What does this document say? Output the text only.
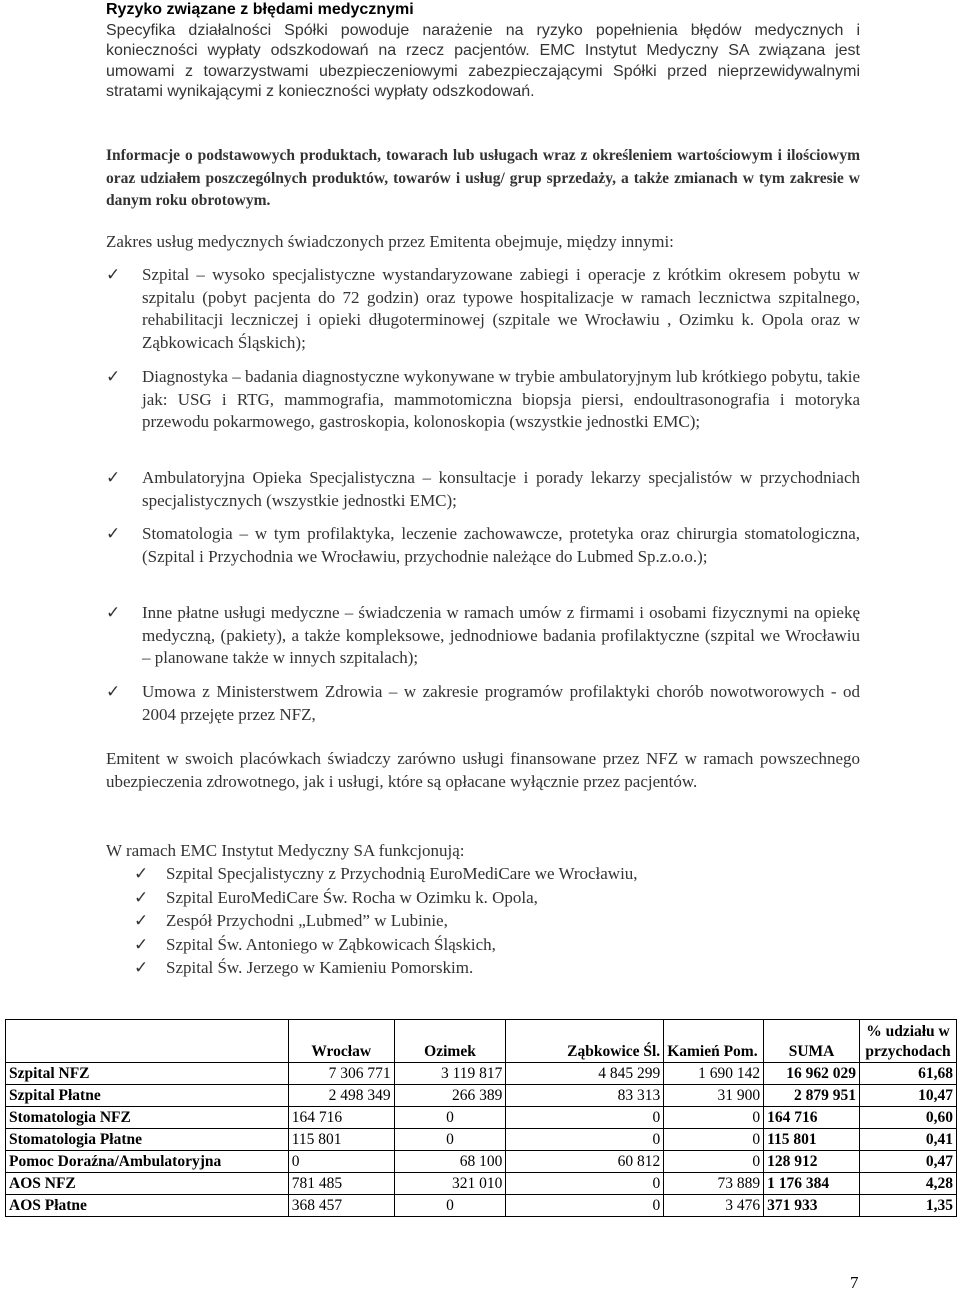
Ryzyko związane z błędami medycznymi
Specyfika działalności Spółki powoduje narażenie na ryzyko popełnienia błędów medycznych i konieczności wypłaty odszkodowań na rzecz pacjentów. EMC Instytut Medyczny SA związana jest umowami z towarzystwami ubezpieczeniowymi zabezpieczającymi Spółki przed nieprzewidywalnymi stratami wynikającymi z konieczności wypłaty odszkodowań.
Informacje o podstawowych produktach, towarach lub usługach wraz z określeniem wartościowym i ilościowym oraz udziałem poszczególnych produktów, towarów i usług/ grup sprzedaży, a także zmianach w tym zakresie w danym roku obrotowym.
Zakres usług medycznych świadczonych przez Emitenta obejmuje, między innymi:
✓	Szpital – wysoko specjalistyczne wystandaryzowane zabiegi i operacje z krótkim okresem pobytu w szpitalu (pobyt pacjenta do 72 godzin) oraz typowe hospitalizacje w ramach lecznictwa szpitalnego, rehabilitacji leczniczej i opieki długoterminowej (szpitale we Wrocławiu , Ozimku k. Opola oraz w Ząbkowicach Śląskich);
✓	Diagnostyka – badania diagnostyczne wykonywane w trybie ambulatoryjnym lub krótkiego pobytu, takie jak: USG i RTG, mammografia, mammotomiczna biopsja piersi, endoultrasonografia i motoryka przewodu pokarmowego, gastroskopia, kolonoskopia (wszystkie jednostki EMC);
✓	Ambulatoryjna Opieka Specjalistyczna – konsultacje i porady lekarzy specjalistów w przychodniach specjalistycznych (wszystkie jednostki EMC);
✓	Stomatologia – w tym profilaktyka, leczenie zachowawcze, protetyka oraz chirurgia stomatologiczna, (Szpital i Przychodnia we Wrocławiu, przychodnie należące do Lubmed Sp.z.o.o.);
✓	Inne płatne usługi medyczne – świadczenia w ramach umów z firmami i osobami fizycznymi na opiekę medyczną, (pakiety), a także kompleksowe, jednodniowe badania profilaktyczne (szpital we Wrocławiu – planowane także w innych szpitalach);
✓	Umowa z Ministerstwem Zdrowia – w zakresie programów profilaktyki chorób nowotworowych - od 2004 przejęte przez NFZ,
Emitent w swoich placówkach świadczy zarówno usługi finansowane przez NFZ w ramach powszechnego ubezpieczenia zdrowotnego, jak i usługi, które są opłacane wyłącznie przez pacjentów.
W ramach EMC Instytut Medyczny SA funkcjonują:
✓ Szpital Specjalistyczny z Przychodnią EuroMediCare we Wrocławiu,
✓ Szpital EuroMediCare Św. Rocha w Ozimku k. Opola,
✓ Zespół Przychodni „Lubmed” w Lubinie,
✓ Szpital Św. Antoniego w Ząbkowicach Śląskich,
✓ Szpital Św. Jerzego w Kamieniu Pomorskim.
	Wrocław	Ozimek	Ząbkowice Śl.	Kamień Pom.	SUMA	% udziału w przychodach
Szpital NFZ	7 306 771	3 119 817	4 845 299	1 690 142	16 962 029	61,68
Szpital Płatne	2 498 349	266 389	83 313	31 900	2 879 951	10,47
Stomatologia NFZ	164 716	0	0	0	164 716	0,60
Stomatologia Płatne	115 801	0	0	0	115 801	0,41
Pomoc Doraźna/Ambulatoryjna	0	68 100	60 812	0	128 912	0,47
AOS NFZ	781 485	321 010	0	73 889	1 176 384	4,28
AOS Płatne	368 457	0	0	3 476	371 933	1,35
7
